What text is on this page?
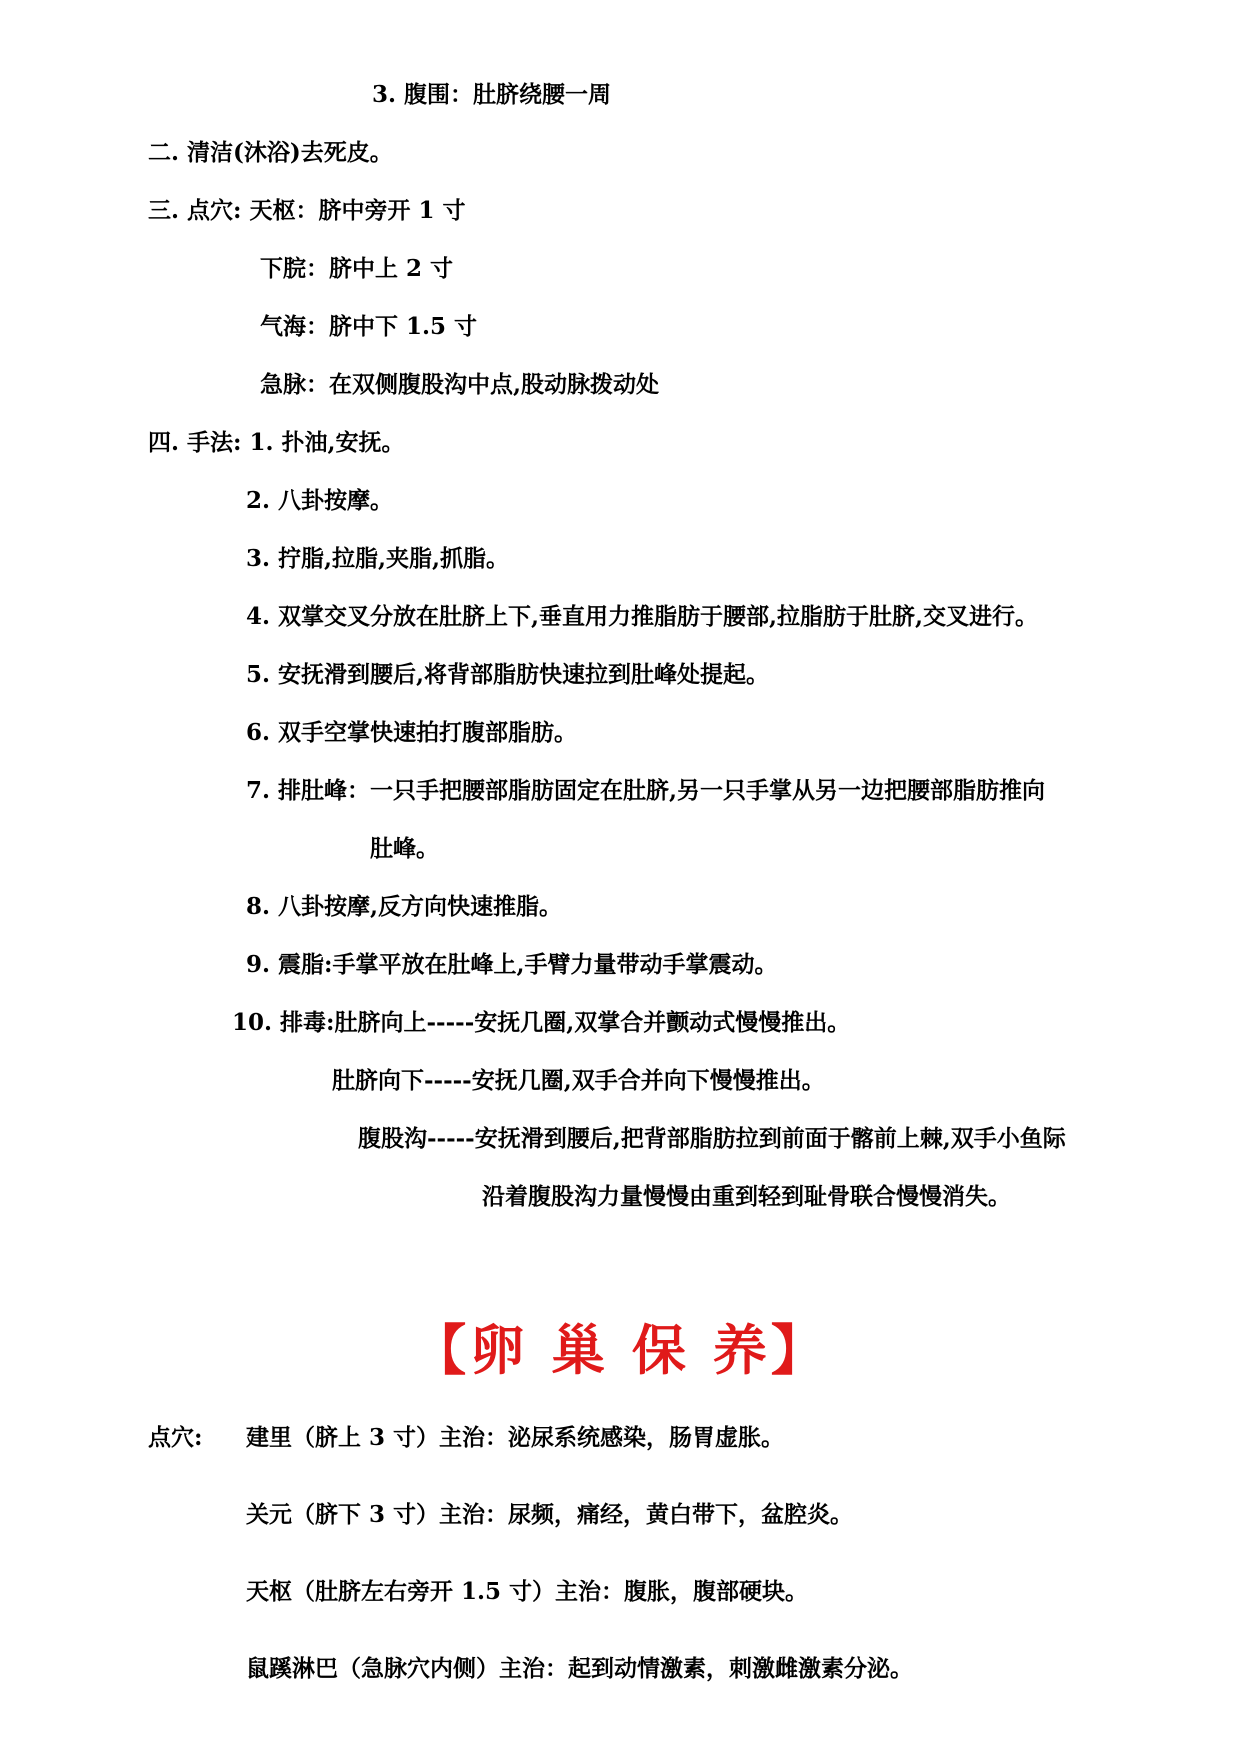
3. 腹围：肚脐绕腰一周
二. 清洁(沐浴)去死皮。
三. 点穴: 天枢：脐中旁开 1 寸
下脘：脐中上 2 寸
气海：脐中下 1.5 寸
急脉：在双侧腹股沟中点,股动脉拨动处
四. 手法: 1. 扑油,安抚。
2. 八卦按摩。
3. 拧脂,拉脂,夹脂,抓脂。
4. 双掌交叉分放在肚脐上下,垂直用力推脂肪于腰部,拉脂肪于肚脐,交叉进行。
5. 安抚滑到腰后,将背部脂肪快速拉到肚峰处提起。
6. 双手空掌快速拍打腹部脂肪。
7. 排肚峰：一只手把腰部脂肪固定在肚脐,另一只手掌从另一边把腰部脂肪推向
肚峰。
8. 八卦按摩,反方向快速推脂。
9. 震脂:手掌平放在肚峰上,手臂力量带动手掌震动。
10. 排毒:肚脐向上-----安抚几圈,双掌合并颤动式慢慢推出。
肚脐向下-----安抚几圈,双手合并向下慢慢推出。
腹股沟-----安抚滑到腰后,把背部脂肪拉到前面于髂前上棘,双手小鱼际
沿着腹股沟力量慢慢由重到轻到耻骨联合慢慢消失。
【卵 巢 保 养】
点穴: 建里（脐上 3 寸）主治：泌尿系统感染，肠胃虚胀。
关元（脐下 3 寸）主治：尿频，痛经，黄白带下，盆腔炎。
天枢（肚脐左右旁开 1.5 寸）主治：腹胀，腹部硬块。
鼠蹊淋巴（急脉穴内侧）主治：起到动情激素，刺激雌激素分泌。
